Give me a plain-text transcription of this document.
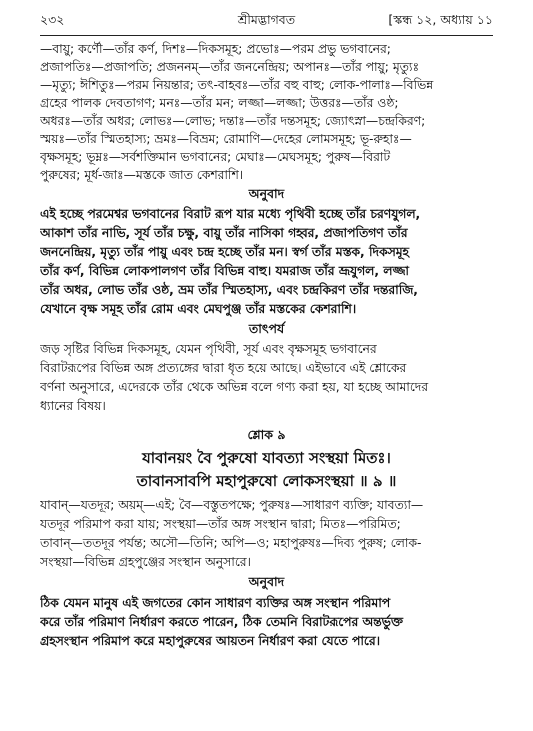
২৩২	শ্রীমদ্ভাগবত	[স্কন্ধ ১২, অধ্যায় ১১
—বায়ু; কর্ণৌ—তাঁর কর্ণ, দিশঃ—দিকসমূহ; প্রভোঃ—পরম প্রভু ভগবানের;
প্রজাপতিঃ—প্রজাপতি; প্রজননম্—তাঁর জননেন্দ্রিয়; অপানঃ—তাঁর পায়ু; মৃত্যুঃ
—মৃত্যু; ঈশিতুঃ—পরম নিয়ন্তার; তৎ-বাহবঃ—তাঁর বহু বাহু; লোক-পালাঃ—বিভিন্ন
গ্রহের পালক দেবতাগণ; মনঃ—তাঁর মন; লজ্জা—লজ্জা; উত্তরঃ—তাঁর ওষ্ঠ;
অধরঃ—তাঁর অধর; লোভঃ—লোভ; দন্তাঃ—তাঁর দন্তসমূহ; জ্যোৎস্না—চন্দ্রকিরণ;
স্ময়ঃ—তাঁর স্মিতহাস্য; ভ্রমঃ—বিভ্রম; রোমাণি—দেহের লোমসমূহ; ভূ-রুহাঃ—
বৃক্ষসমূহ; ভূম্নঃ—সর্বশক্তিমান ভগবানের; মেঘাঃ—মেঘসমূহ; পুরুষ—বিরাট
পুরুষের; মূর্ধ-জাঃ—মস্তকে জাত কেশরাশি।
অনুবাদ
এই হচ্ছে পরমেশ্বর ভগবানের বিরাট রূপ যার মধ্যে পৃথিবী হচ্ছে তাঁর চরণযুগল,
আকাশ তাঁর নাভি, সূর্য তাঁর চক্ষু, বায়ু তাঁর নাসিকা গহ্বর, প্রজাপতিগণ তাঁর
জননেন্দ্রিয়, মৃত্যু তাঁর পায়ু এবং চন্দ্র হচ্ছে তাঁর মন। স্বর্গ তাঁর মস্তক, দিকসমূহ
তাঁর কর্ণ, বিভিন্ন লোকপালগণ তাঁর বিভিন্ন বাহু। যমরাজ তাঁর ভ্রূযুগল, লজ্জা
তাঁর অধর, লোভ তাঁর ওষ্ঠ, ভ্রম তাঁর স্মিতহাস্য, এবং চন্দ্রকিরণ তাঁর দন্তরাজি,
যেখানে বৃক্ষ সমূহ তাঁর রোম এবং মেঘপুঞ্জ তাঁর মস্তকের কেশরাশি।
তাৎপর্য
জড় সৃষ্টির বিভিন্ন দিকসমূহ, যেমন পৃথিবী, সূর্য এবং বৃক্ষসমূহ ভগবানের
বিরাটরূপের বিভিন্ন অঙ্গ প্রত্যঙ্গের দ্বারা ধৃত হয়ে আছে। এইভাবে এই শ্লোকের
বর্ণনা অনুসারে, এদেরকে তাঁর থেকে অভিন্ন বলে গণ্য করা হয়, যা হচ্ছে আমাদের
ধ্যানের বিষয়।
শ্লোক ৯
যাবানয়ং বৈ পুরুষো যাবত্যা সংস্থয়া মিতঃ।
তাবানসাবপি মহাপুরুষো লোকসংস্থয়া ॥ ৯ ॥
যাবান্—যতদূর; অয়ম্—এই; বৈ—বস্তুতপক্ষে; পুরুষঃ—সাধারণ ব্যক্তি; যাবত্যা—
যতদূর পরিমাপ করা যায়; সংস্থয়া—তাঁর অঙ্গ সংস্থান দ্বারা; মিতঃ—পরিমিত;
তাবান্—ততদূর পর্যন্ত; অসৌ—তিনি; অপি—ও; মহাপুরুষঃ—দিব্য পুরুষ; লোক-
সংস্থয়া—বিভিন্ন গ্রহপুঞ্জের সংস্থান অনুসারে।
অনুবাদ
ঠিক যেমন মানুষ এই জগতের কোন সাধারণ ব্যক্তির অঙ্গ সংস্থান পরিমাপ
করে তাঁর পরিমাণ নির্ধারণ করতে পারেন, ঠিক তেমনি বিরাটরূপের অন্তর্ভুক্ত
গ্রহসংস্থান পরিমাপ করে মহাপুরুষের আয়তন নির্ধারণ করা যেতে পারে।
